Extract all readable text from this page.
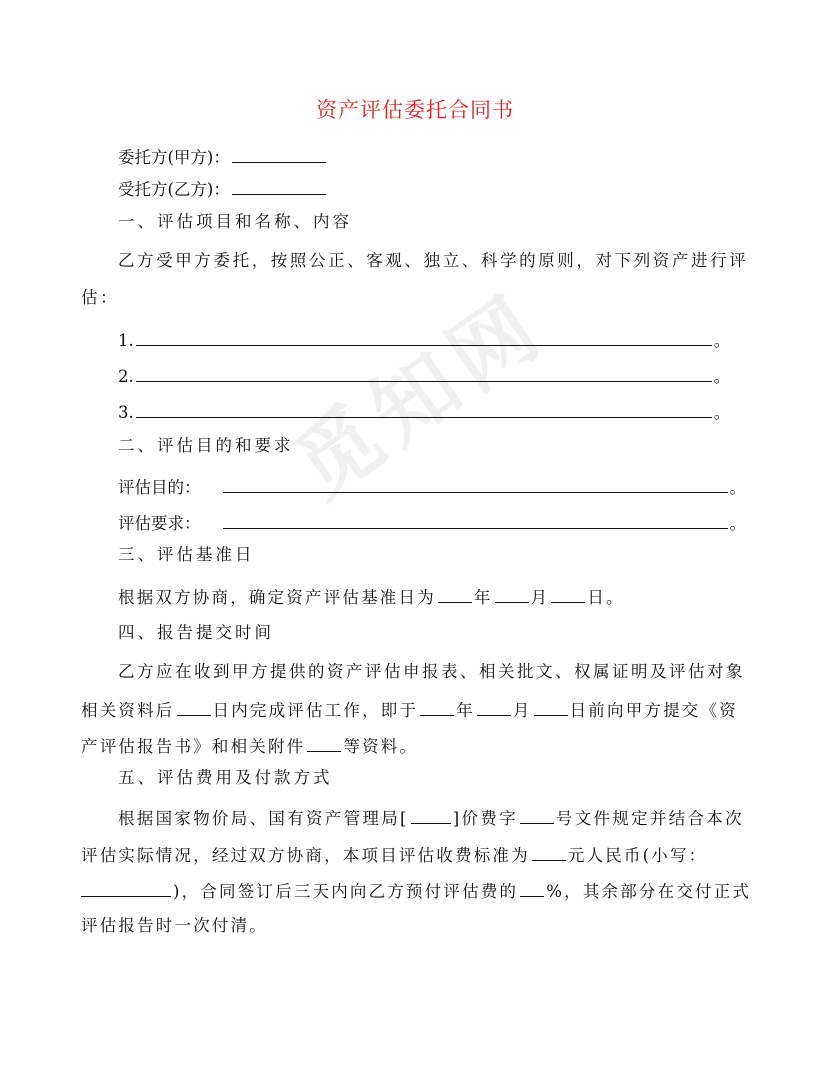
觅知网
资产评估委托合同书
委托方(甲方)：
受托方(乙方)：
一、评估项目和名称、内容
乙方受甲方委托，按照公正、客观、独立、科学的原则，对下列资产进行评
估：
1.	。
2.	。
3.	。
二、评估目的和要求
评估目的：	。
评估要求：	。
三、评估基准日
根据双方协商，确定资产评估基准日为 年 月 日。
四、报告提交时间
乙方应在收到甲方提供的资产评估申报表、相关批文、权属证明及评估对象
相关资料后 日内完成评估工作，即于 年 月 日前向甲方提交《资
产评估报告书》和相关附件 等资料。
五、评估费用及付款方式
根据国家物价局、国有资产管理局[	]价费字 号文件规定并结合本次
评估实际情况，经过双方协商，本项目评估收费标准为 元人民币(小写：
)，合同签订后三天内向乙方预付评估费的 %，其余部分在交付正式
评估报告时一次付清。
